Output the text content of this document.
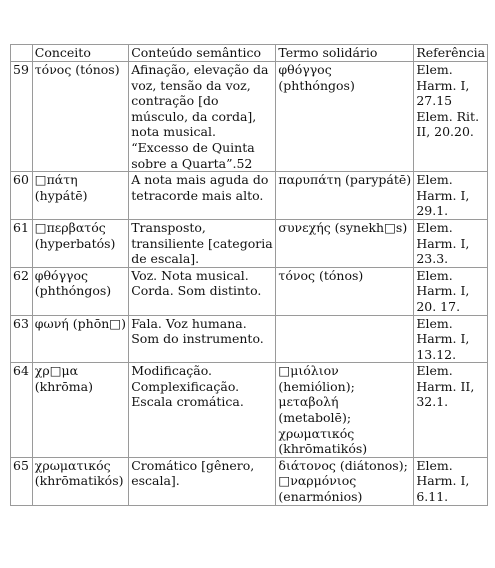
	Conceito	Conteúdo semântico	Termo solidário	Referência
59	τόνος (tónos)	Afinação, elevação da voz, tensão da voz, contração [do músculo, da corda], nota musical. “Excesso de Quinta sobre a Quarta”.52	φθόγγος (phthóngos)	Elem. Harm. I, 27.15
Elem. Rit. II, 20.20.
60	□πάτη (hypátē)	A nota mais aguda do tetracorde mais alto.	παρυπάτη (parypátē)	Elem. Harm. I, 29.1.
61	□περβατός (hyperbatós)	Transposto, transiliente [categoria de escala].	συνεχής (synekh□s)	Elem. Harm. I, 23.3.
62	φθόγγος (phthóngos)	Voz. Nota musical. Corda. Som distinto.	τόνος (tónos)	Elem. Harm. I, 20. 17.
63	φωνή (phōn□)	Fala. Voz humana. Som do instrumento.		Elem. Harm. I, 13.12.
64	χρ□μα (khrōma)	Modificação. Complexificação. Escala cromática.	□μιόλιον (hemiólion); μεταβολή (metabolē); χρωματικός (khrōmatikós)	Elem. Harm. II, 32.1.
65	χρωματικός (khrōmatikós)	Cromático [gênero, escala].	διάτονος (diátonos); □ναρμόνιος (enarmónios)	Elem. Harm. I, 6.11.
